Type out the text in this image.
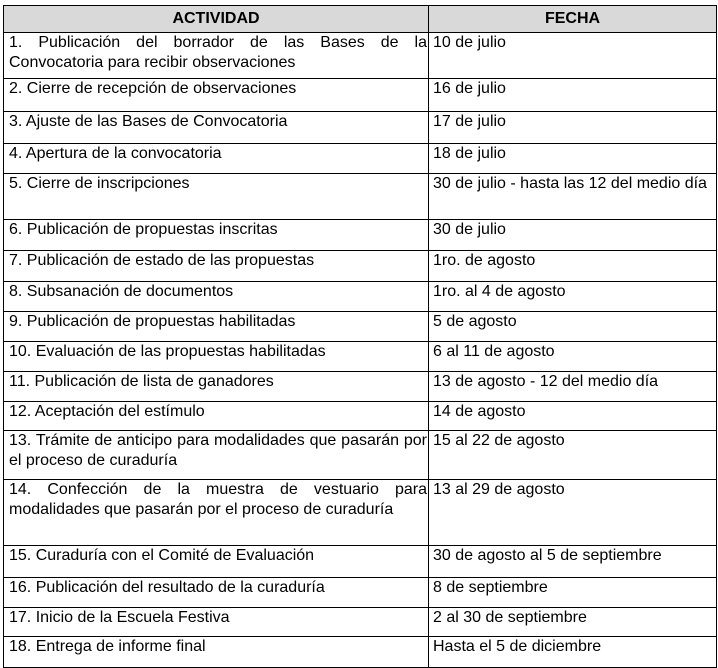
ACTIVIDAD	FECHA
1. Publicación del borrador de las Bases de la Convocatoria para recibir observaciones	10 de julio
2. Cierre de recepción de observaciones	16 de julio
3. Ajuste de las Bases de Convocatoria	17 de julio
4. Apertura de la convocatoria	18 de julio
5. Cierre de inscripciones	30 de julio - hasta las 12 del medio día
6. Publicación de propuestas inscritas	30 de julio
7. Publicación de estado de las propuestas	1ro. de agosto
8. Subsanación de documentos	1ro. al 4 de agosto
9. Publicación de propuestas habilitadas	5 de agosto
10. Evaluación de las propuestas habilitadas	6 al 11 de agosto
11. Publicación de lista de ganadores	13 de agosto - 12 del medio día
12. Aceptación del estímulo	14 de agosto
13. Trámite de anticipo para modalidades que pasarán por el proceso de curaduría	15 al 22 de agosto
14. Confección de la muestra de vestuario para modalidades que pasarán por el proceso de curaduría	13 al 29 de agosto
15. Curaduría con el Comité de Evaluación	30 de agosto al 5 de septiembre
16. Publicación del resultado de la curaduría	8 de septiembre
17. Inicio de la Escuela Festiva	2 al 30 de septiembre
18. Entrega de informe final	Hasta el 5 de diciembre
